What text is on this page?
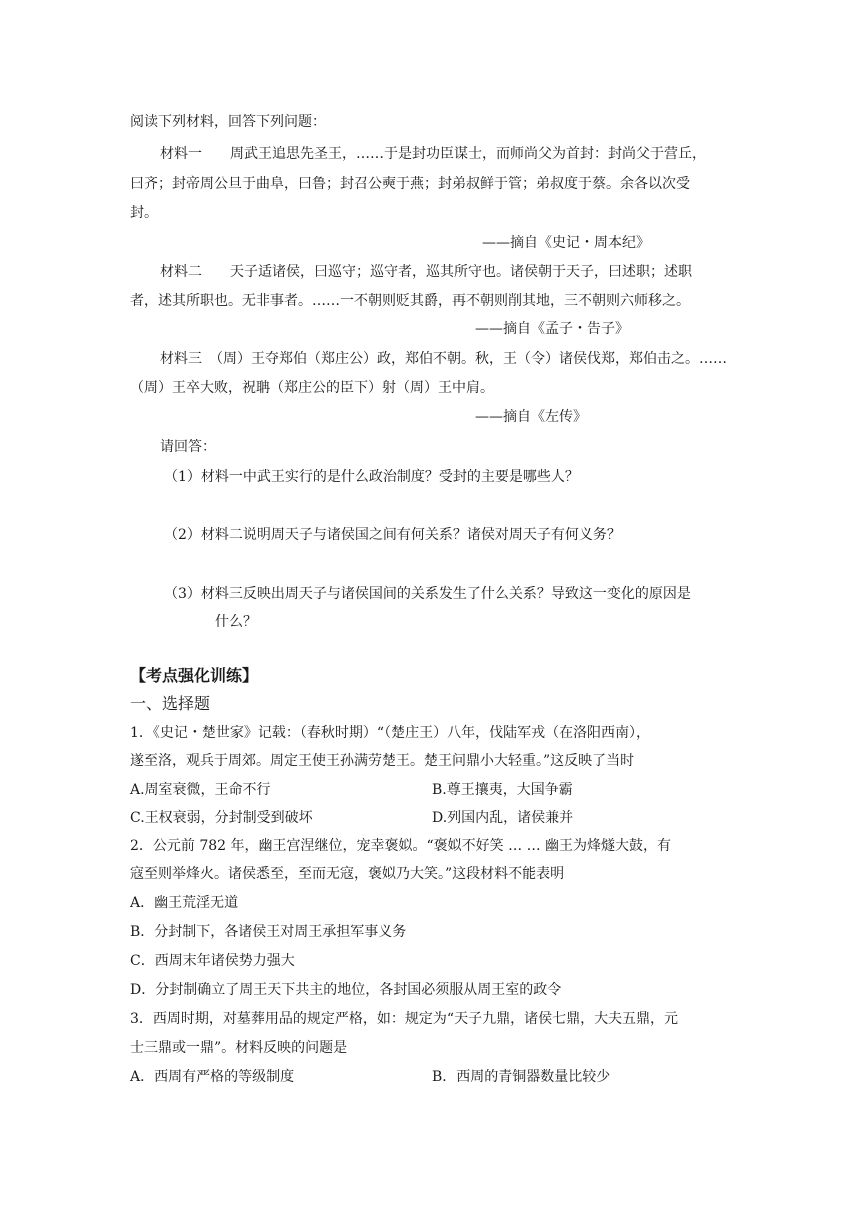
阅读下列材料，回答下列问题：
材料一　　周武王追思先圣王，……于是封功臣谋士，而师尚父为首封：封尚父于营丘，
曰齐；封帝周公旦于曲阜，曰鲁；封召公奭于燕；封弟叔鲜于管；弟叔度于蔡。余各以次受
封。
——摘自《史记・周本纪》
材料二　　天子适诸侯，曰巡守；巡守者，巡其所守也。诸侯朝于天子，曰述职；述职
者，述其所职也。无非事者。……一不朝则贬其爵，再不朝则削其地，三不朝则六师移之。
——摘自《孟子・告子》
材料三　（周）王夺郑伯（郑庄公）政，郑伯不朝。秋，王（令）诸侯伐郑，郑伯击之。……
（周）王卒大败，祝聃（郑庄公的臣下）射（周）王中肩。
——摘自《左传》
请回答：
（1）材料一中武王实行的是什么政治制度？受封的主要是哪些人？
（2）材料二说明周天子与诸侯国之间有何关系？诸侯对周天子有何义务？
（3）材料三反映出周天子与诸侯国间的关系发生了什么关系？导致这一变化的原因是
什么？
【考点强化训练】
一、选择题
1．《史记・楚世家》记载：（春秋时期）“（楚庄王）八年，伐陆军戎（在洛阳西南），
遂至洛，观兵于周郊。周定王使王孙满劳楚王。楚王问鼎小大轻重。”这反映了当时
A.周室衰微，王命不行	B.尊王攘夷，大国争霸
C.王权衰弱，分封制受到破坏	D.列国内乱，诸侯兼并
2．公元前 782 年，幽王宫涅继位，宠幸褒姒。“褒姒不好笑 … … 幽王为烽燧大鼓，有
寇至则举烽火。诸侯悉至，至而无寇，褒姒乃大笑。”这段材料不能表明
A．幽王荒淫无道
B．分封制下，各诸侯王对周王承担军事义务
C．西周末年诸侯势力强大
D．分封制确立了周王天下共主的地位，各封国必须服从周王室的政令
3．西周时期，对墓葬用品的规定严格，如：规定为“天子九鼎，诸侯七鼎，大夫五鼎，元
士三鼎或一鼎”。材料反映的问题是
A．西周有严格的等级制度	B．西周的青铜器数量比较少
